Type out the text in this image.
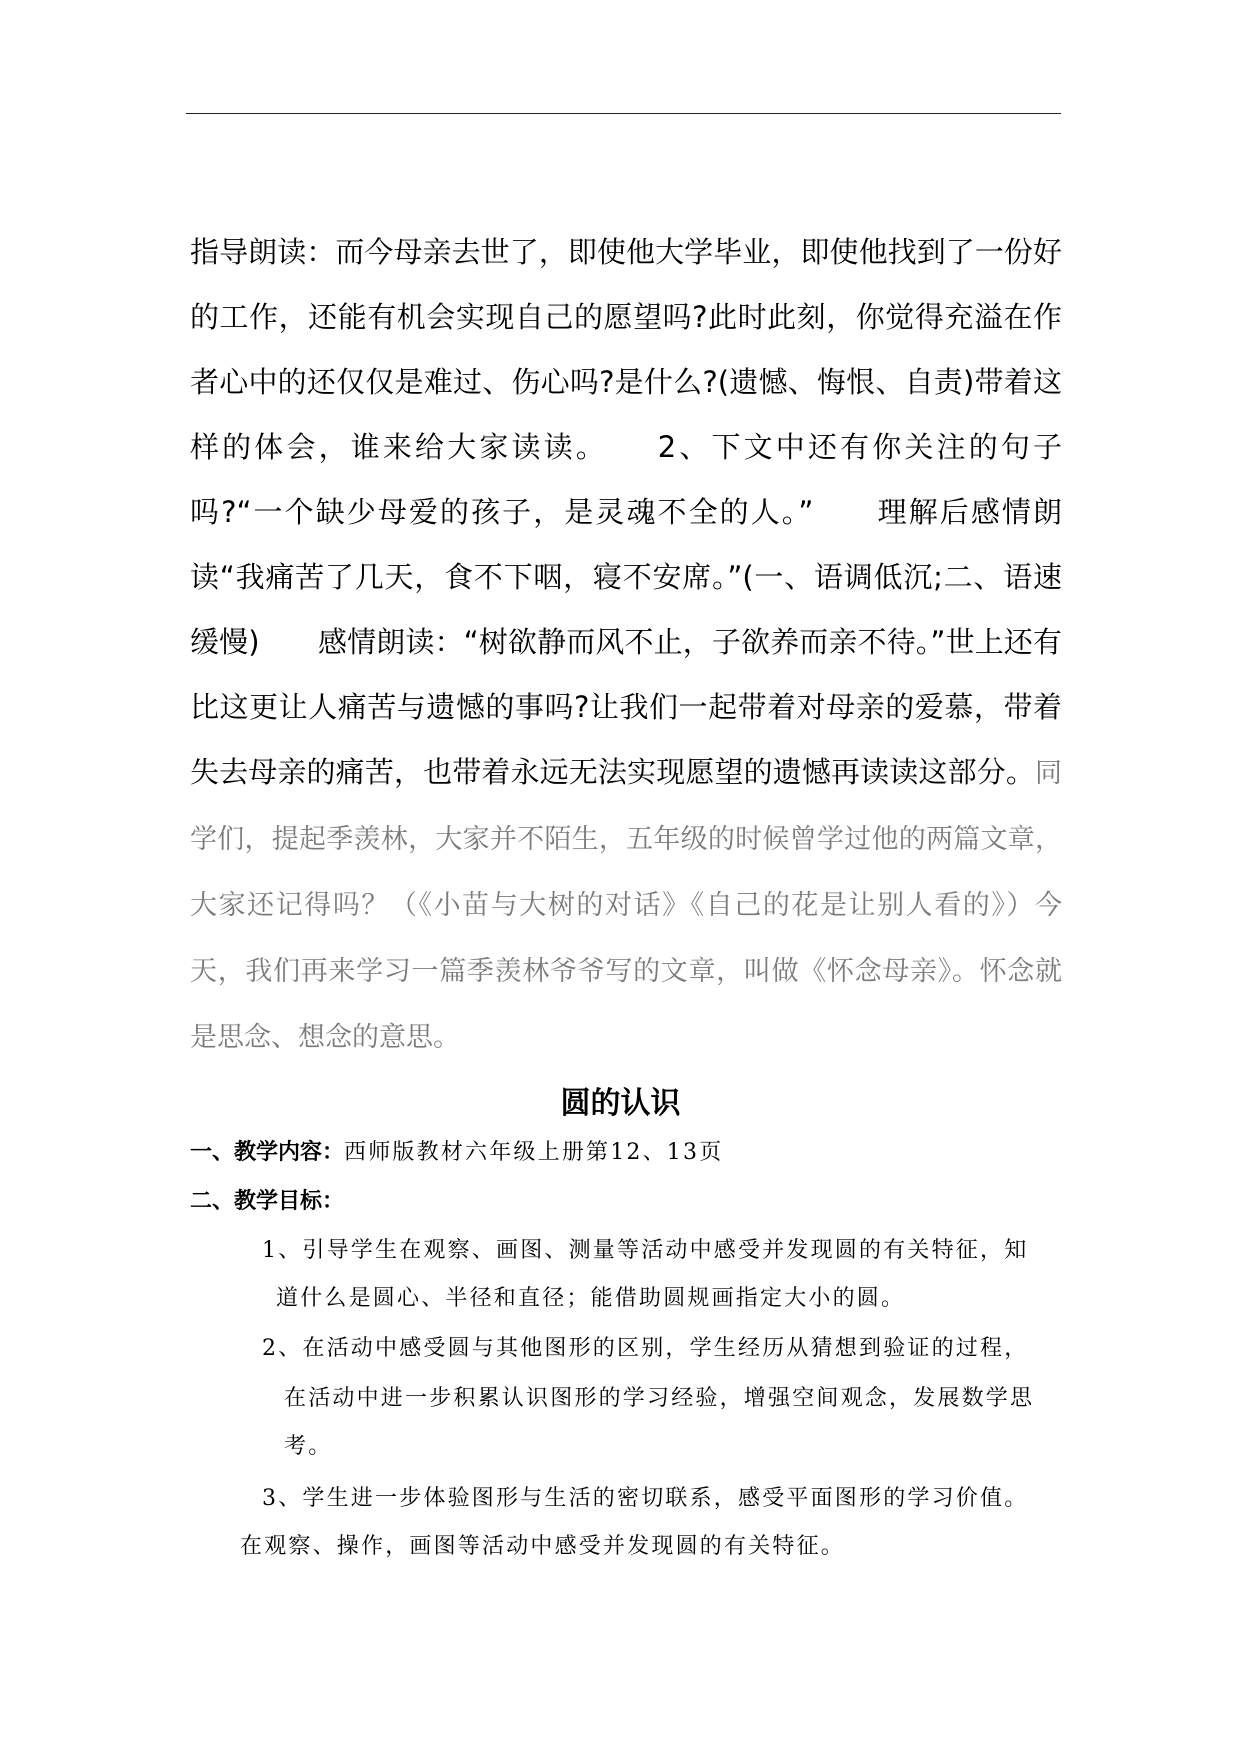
指导朗读：而今母亲去世了，即使他大学毕业，即使他找到了一份好的工作，还能有机会实现自己的愿望吗?此时此刻，你觉得充溢在作者心中的还仅仅是难过、伤心吗?是什么?(遗憾、悔恨、自责)带着这样的体会，谁来给大家读读。　　2、下文中还有你关注的句子吗?“一个缺少母爱的孩子，是灵魂不全的人。”　　理解后感情朗读“我痛苦了几天，食不下咽，寝不安席。”(一、语调低沉;二、语速缓慢)　　感情朗读：“树欲静而风不止，子欲养而亲不待。”世上还有比这更让人痛苦与遗憾的事吗?让我们一起带着对母亲的爱慕，带着失去母亲的痛苦，也带着永远无法实现愿望的遗憾再读读这部分。同学们，提起季羡林，大家并不陌生，五年级的时候曾学过他的两篇文章，大家还记得吗？（《小苗与大树的对话》《自己的花是让别人看的》）今天，我们再来学习一篇季羡林爷爷写的文章，叫做《怀念母亲》。怀念就是思念、想念的意思。

圆的认识

一、教学内容：西师版教材六年级上册第12、13页

二、教学目标：

1、引导学生在观察、画图、测量等活动中感受并发现圆的有关特征，知

道什么是圆心、半径和直径；能借助圆规画指定大小的圆。

2、在活动中感受圆与其他图形的区别，学生经历从猜想到验证的过程，

在活动中进一步积累认识图形的学习经验，增强空间观念，发展数学思

考。

3、学生进一步体验图形与生活的密切联系，感受平面图形的学习价值。

在观察、操作，画图等活动中感受并发现圆的有关特征。
